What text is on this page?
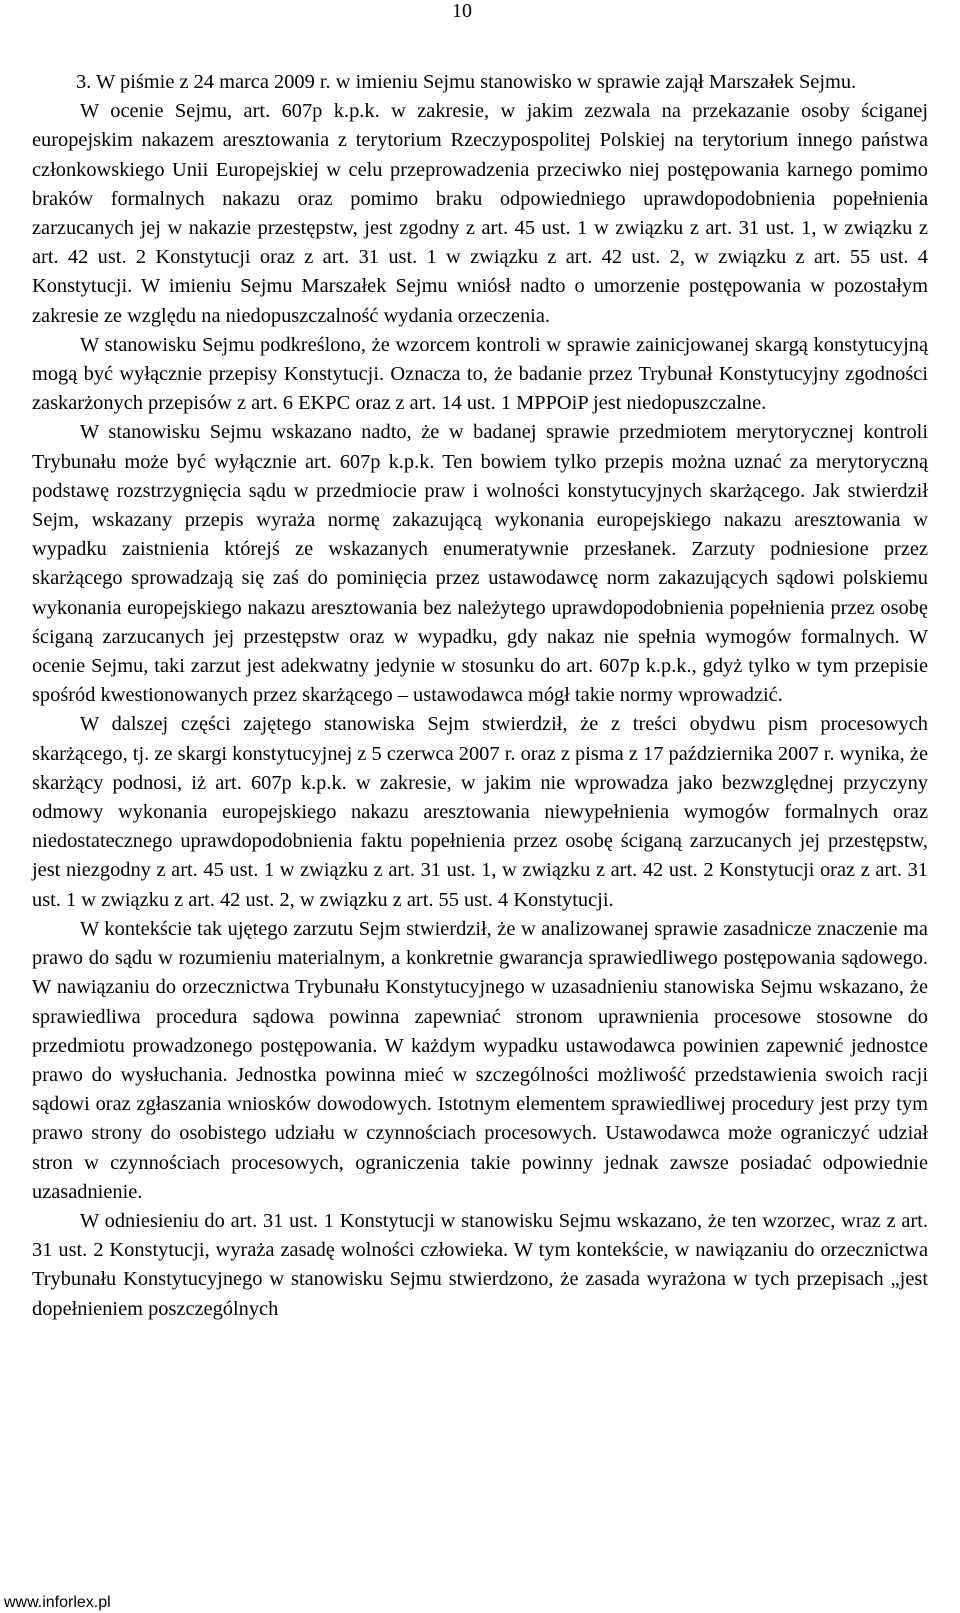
10

3. W piśmie z 24 marca 2009 r. w imieniu Sejmu stanowisko w sprawie zajął Marszałek Sejmu.

W ocenie Sejmu, art. 607p k.p.k. w zakresie, w jakim zezwala na przekazanie osoby ściganej europejskim nakazem aresztowania z terytorium Rzeczypospolitej Polskiej na terytorium innego państwa członkowskiego Unii Europejskiej w celu przeprowadzenia przeciwko niej postępowania karnego pomimo braków formalnych nakazu oraz pomimo braku odpowiedniego uprawdopodobnienia popełnienia zarzucanych jej w nakazie przestępstw, jest zgodny z art. 45 ust. 1 w związku z art. 31 ust. 1, w związku z art. 42 ust. 2 Konstytucji oraz z art. 31 ust. 1 w związku z art. 42 ust. 2, w związku z art. 55 ust. 4 Konstytucji. W imieniu Sejmu Marszałek Sejmu wniósł nadto o umorzenie postępowania w pozostałym zakresie ze względu na niedopuszczalność wydania orzeczenia.

W stanowisku Sejmu podkreślono, że wzorcem kontroli w sprawie zainicjowanej skargą konstytucyjną mogą być wyłącznie przepisy Konstytucji. Oznacza to, że badanie przez Trybunał Konstytucyjny zgodności zaskarżonych przepisów z art. 6 EKPC oraz z art. 14 ust. 1 MPPOiP jest niedopuszczalne.

W stanowisku Sejmu wskazano nadto, że w badanej sprawie przedmiotem merytorycznej kontroli Trybunału może być wyłącznie art. 607p k.p.k. Ten bowiem tylko przepis można uznać za merytoryczną podstawę rozstrzygnięcia sądu w przedmiocie praw i wolności konstytucyjnych skarżącego. Jak stwierdził Sejm, wskazany przepis wyraża normę zakazującą wykonania europejskiego nakazu aresztowania w wypadku zaistnienia którejś ze wskazanych enumeratywnie przesłanek. Zarzuty podniesione przez skarżącego sprowadzają się zaś do pominięcia przez ustawodawcę norm zakazujących sądowi polskiemu wykonania europejskiego nakazu aresztowania bez należytego uprawdopodobnienia popełnienia przez osobę ściganą zarzucanych jej przestępstw oraz w wypadku, gdy nakaz nie spełnia wymogów formalnych. W ocenie Sejmu, taki zarzut jest adekwatny jedynie w stosunku do art. 607p k.p.k., gdyż tylko w tym przepisie spośród kwestionowanych przez skarżącego – ustawodawca mógł takie normy wprowadzić.

W dalszej części zajętego stanowiska Sejm stwierdził, że z treści obydwu pism procesowych skarżącego, tj. ze skargi konstytucyjnej z 5 czerwca 2007 r. oraz z pisma z 17 października 2007 r. wynika, że skarżący podnosi, iż art. 607p k.p.k. w zakresie, w jakim nie wprowadza jako bezwzględnej przyczyny odmowy wykonania europejskiego nakazu aresztowania niewypełnienia wymogów formalnych oraz niedostatecznego uprawdopodobnienia faktu popełnienia przez osobę ściganą zarzucanych jej przestępstw, jest niezgodny z art. 45 ust. 1 w związku z art. 31 ust. 1, w związku z art. 42 ust. 2 Konstytucji oraz z art. 31 ust. 1 w związku z art. 42 ust. 2, w związku z art. 55 ust. 4 Konstytucji.

W kontekście tak ujętego zarzutu Sejm stwierdził, że w analizowanej sprawie zasadnicze znaczenie ma prawo do sądu w rozumieniu materialnym, a konkretnie gwarancja sprawiedliwego postępowania sądowego. W nawiązaniu do orzecznictwa Trybunału Konstytucyjnego w uzasadnieniu stanowiska Sejmu wskazano, że sprawiedliwa procedura sądowa powinna zapewniać stronom uprawnienia procesowe stosowne do przedmiotu prowadzonego postępowania. W każdym wypadku ustawodawca powinien zapewnić jednostce prawo do wysłuchania. Jednostka powinna mieć w szczególności możliwość przedstawienia swoich racji sądowi oraz zgłaszania wniosków dowodowych. Istotnym elementem sprawiedliwej procedury jest przy tym prawo strony do osobistego udziału w czynnościach procesowych. Ustawodawca może ograniczyć udział stron w czynnościach procesowych, ograniczenia takie powinny jednak zawsze posiadać odpowiednie uzasadnienie.

W odniesieniu do art. 31 ust. 1 Konstytucji w stanowisku Sejmu wskazano, że ten wzorzec, wraz z art. 31 ust. 2 Konstytucji, wyraża zasadę wolności człowieka. W tym kontekście, w nawiązaniu do orzecznictwa Trybunału Konstytucyjnego w stanowisku Sejmu stwierdzono, że zasada wyrażona w tych przepisach „jest dopełnieniem poszczególnych

www.inforlex.pl
